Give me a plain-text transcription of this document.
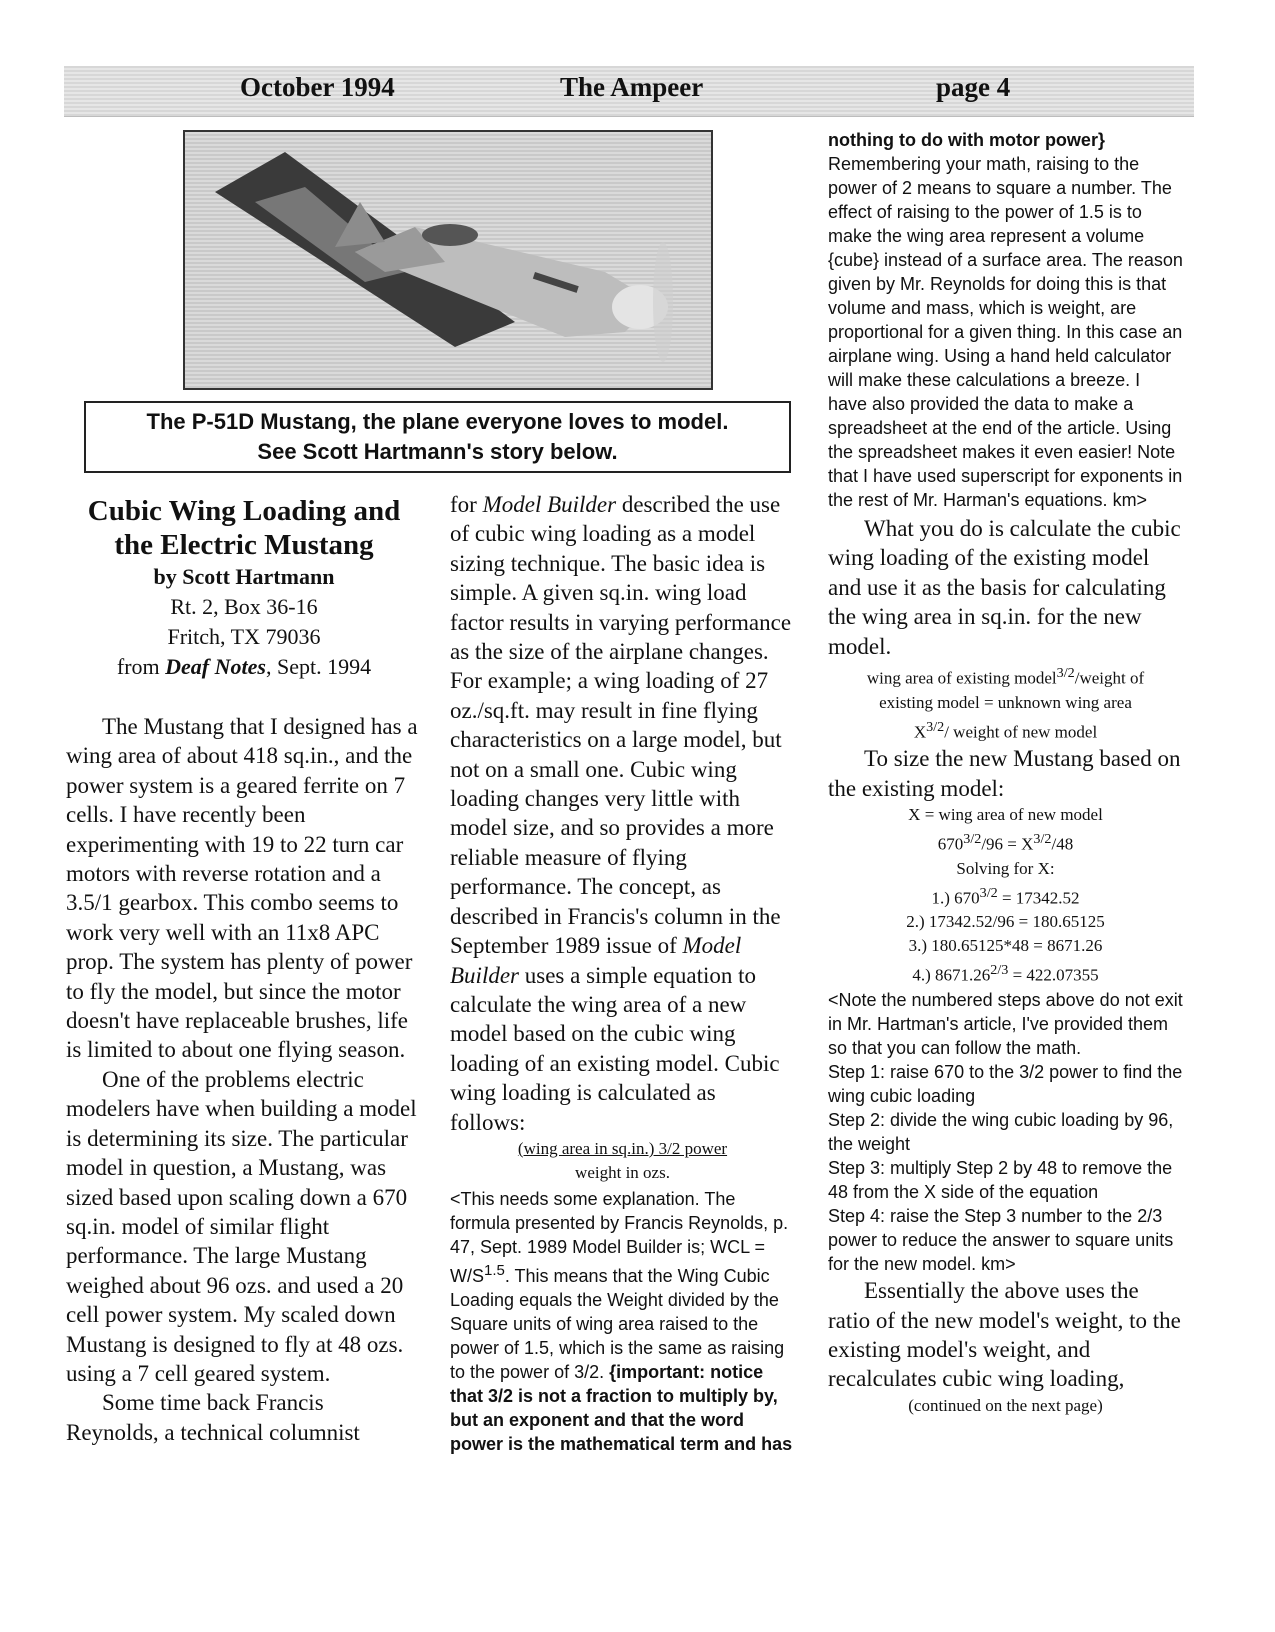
October 1994	The Ampeer	page 4
The P-51D Mustang, the plane everyone loves to model.
See Scott Hartmann's story below.
Cubic Wing Loading and
the Electric Mustang
by Scott Hartmann
Rt. 2, Box 36-16
Fritch, TX 79036
from Deaf Notes, Sept. 1994

The Mustang that I designed has a wing area of about 418 sq.in., and the power system is a geared ferrite on 7 cells. I have recently been experimenting with 19 to 22 turn car motors with reverse rotation and a 3.5/1 gearbox. This combo seems to work very well with an 11x8 APC prop. The system has plenty of power to fly the model, but since the motor doesn't have replaceable brushes, life is limited to about one flying season.

One of the problems electric modelers have when building a model is determining its size. The particular model in question, a Mustang, was sized based upon scaling down a 670 sq.in. model of similar flight performance. The large Mustang weighed about 96 ozs. and used a 20 cell power system. My scaled down Mustang is designed to fly at 48 ozs. using a 7 cell geared system.

Some time back Francis Reynolds, a technical columnist

for Model Builder described the use of cubic wing loading as a model sizing technique. The basic idea is simple. A given sq.in. wing load factor results in varying performance as the size of the airplane changes. For example; a wing loading of 27 oz./sq.ft. may result in fine flying characteristics on a large model, but not on a small one. Cubic wing loading changes very little with model size, and so provides a more reliable measure of flying performance. The concept, as described in Francis's column in the September 1989 issue of Model Builder uses a simple equation to calculate the wing area of a new model based on the cubic wing loading of an existing model. Cubic wing loading is calculated as follows:

(wing area in sq.in.) 3/2 power
weight in ozs.

<This needs some explanation. The formula presented by Francis Reynolds, p. 47, Sept. 1989 Model Builder is; WCL = $W/S^{1.5}$. This means that the Wing Cubic Loading equals the Weight divided by the Square units of wing area raised to the power of 1.5, which is the same as raising to the power of 3/2. {important: notice that 3/2 is not a fraction to multiply by, but an exponent and that the word power is the mathematical term and has

nothing to do with motor power}

Remembering your math, raising to the power of 2 means to square a number. The effect of raising to the power of 1.5 is to make the wing area represent a volume {cube} instead of a surface area. The reason given by Mr. Reynolds for doing this is that volume and mass, which is weight, are proportional for a given thing. In this case an airplane wing. Using a hand held calculator will make these calculations a breeze. I have also provided the data to make a spreadsheet at the end of the article. Using the spreadsheet makes it even easier! Note that I have used superscript for exponents in the rest of Mr. Harman's equations. km>

What you do is calculate the cubic wing loading of the existing model and use it as the basis for calculating the wing area in sq.in. for the new model.

wing area of existing model$^{3/2}$/weight of
existing model = unknown wing area
$X^{3/2}/$ weight of new model

To size the new Mustang based on the existing model:

X = wing area of new model
$670^{3/2}/96 = X^{3/2}/48$
Solving for X:
1.) $670^{3/2} = 17342.52$
2.) 17342.52/96 = 180.65125
3.) 180.65125*48 = 8671.26
4.) $8671.26^{2/3} = 422.07355$

<Note the numbered steps above do not exit in Mr. Hartman's article, I've provided them so that you can follow the math.

Step 1: raise 670 to the 3/2 power to find the wing cubic loading

Step 2: divide the wing cubic loading by 96, the weight

Step 3: multiply Step 2 by 48 to remove the 48 from the X side of the equation

Step 4: raise the Step 3 number to the 2/3 power to reduce the answer to square units for the new model. km>

Essentially the above uses the ratio of the new model's weight, to the existing model's weight, and recalculates cubic wing loading,

(continued on the next page)
